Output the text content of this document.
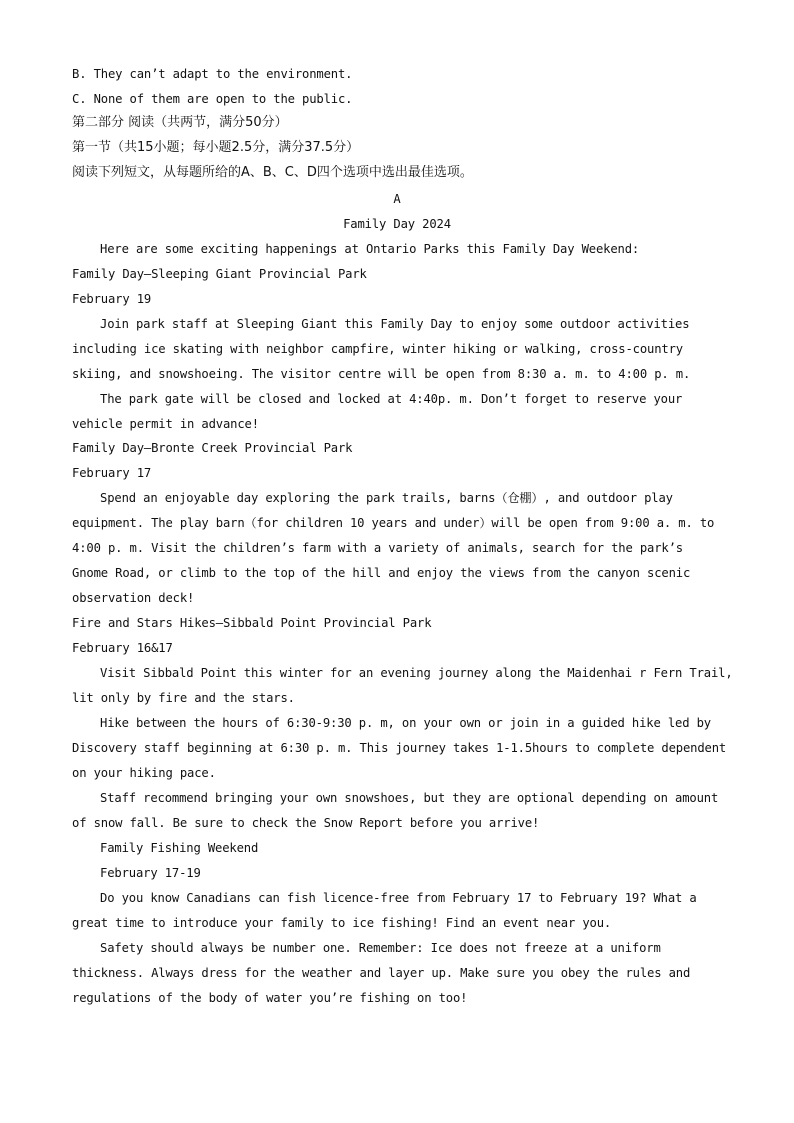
B. They can’t adapt to the environment.
C. None of them are open to the public.
第二部分 阅读（共两节，满分50分）
第一节（共15小题；每小题2.5分，满分37.5分）
阅读下列短文，从每题所给的A、B、C、D四个选项中选出最佳选项。
A
Family Day 2024
Here are some exciting happenings at Ontario Parks this Family Day Weekend:
Family Day—Sleeping Giant Provincial Park
February 19
Join park staff at Sleeping Giant this Family Day to enjoy some outdoor activities
including ice skating with neighbor campfire, winter hiking or walking, cross-country
skiing, and snowshoeing. The visitor centre will be open from 8:30 a. m. to 4:00 p. m.
The park gate will be closed and locked at 4:40p. m. Don’t forget to reserve your
vehicle permit in advance!
Family Day—Bronte Creek Provincial Park
February 17
Spend an enjoyable day exploring the park trails, barns（仓棚）, and outdoor play
equipment. The play barn（for children 10 years and under）will be open from 9:00 a. m. to
4:00 p. m. Visit the children’s farm with a variety of animals, search for the park’s
Gnome Road, or climb to the top of the hill and enjoy the views from the canyon scenic
observation deck!
Fire and Stars Hikes—Sibbald Point Provincial Park
February 16&17
Visit Sibbald Point this winter for an evening journey along the Maidenhai r Fern Trail,
lit only by fire and the stars.
Hike between the hours of 6:30-9:30 p. m, on your own or join in a guided hike led by
Discovery staff beginning at 6:30 p. m. This journey takes 1-1.5hours to complete dependent
on your hiking pace.
Staff recommend bringing your own snowshoes, but they are optional depending on amount
of snow fall. Be sure to check the Snow Report before you arrive!
Family Fishing Weekend
February 17-19
Do you know Canadians can fish licence-free from February 17 to February 19? What a
great time to introduce your family to ice fishing! Find an event near you.
Safety should always be number one. Remember: Ice does not freeze at a uniform
thickness. Always dress for the weather and layer up. Make sure you obey the rules and
regulations of the body of water you’re fishing on too!
